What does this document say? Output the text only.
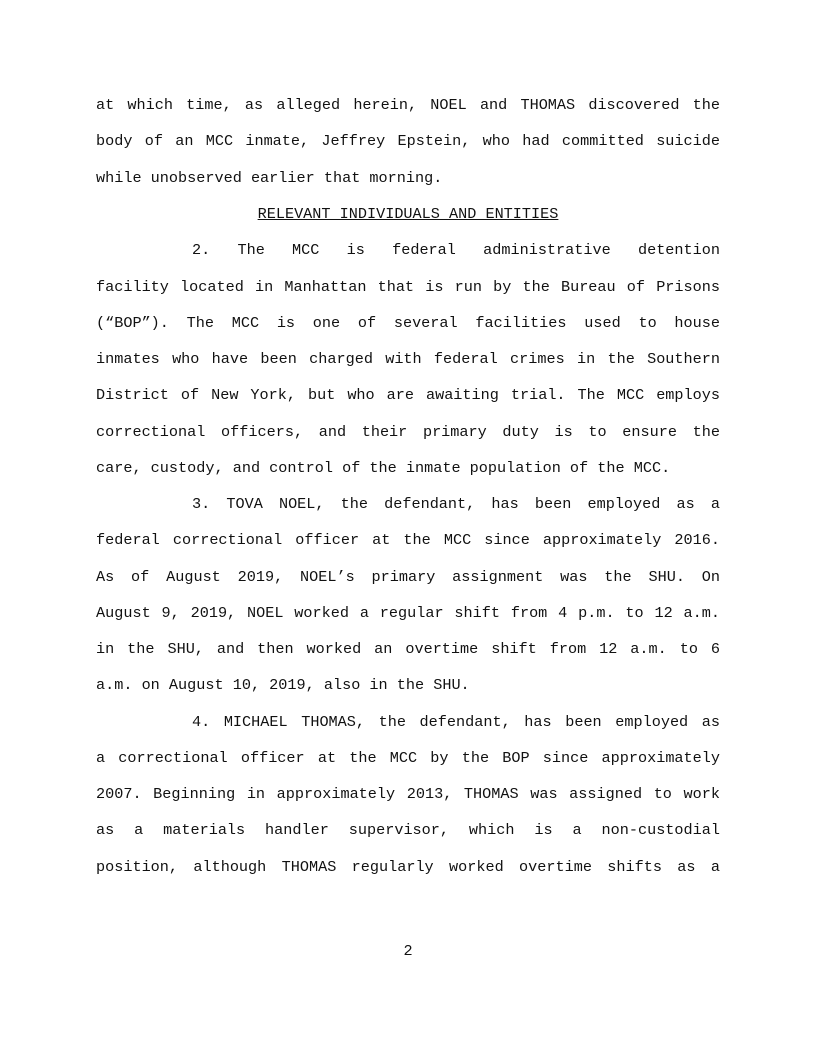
at which time, as alleged herein, NOEL and THOMAS discovered the
body of an MCC inmate, Jeffrey Epstein, who had committed suicide
while unobserved earlier that morning.
RELEVANT INDIVIDUALS AND ENTITIES
2. The MCC is federal administrative detention
facility located in Manhattan that is run by the Bureau of Prisons
(“BOP”). The MCC is one of several facilities used to house
inmates who have been charged with federal crimes in the Southern
District of New York, but who are awaiting trial. The MCC employs
correctional officers, and their primary duty is to ensure the
care, custody, and control of the inmate population of the MCC.
3. TOVA NOEL, the defendant, has been employed as a
federal correctional officer at the MCC since approximately 2016.
As of August 2019, NOEL’s primary assignment was the SHU. On
August 9, 2019, NOEL worked a regular shift from 4 p.m. to 12 a.m.
in the SHU, and then worked an overtime shift from 12 a.m. to 6
a.m. on August 10, 2019, also in the SHU.
4. MICHAEL THOMAS, the defendant, has been employed as
a correctional officer at the MCC by the BOP since approximately
2007. Beginning in approximately 2013, THOMAS was assigned to work
as a materials handler supervisor, which is a non-custodial
position, although THOMAS regularly worked overtime shifts as a
2
